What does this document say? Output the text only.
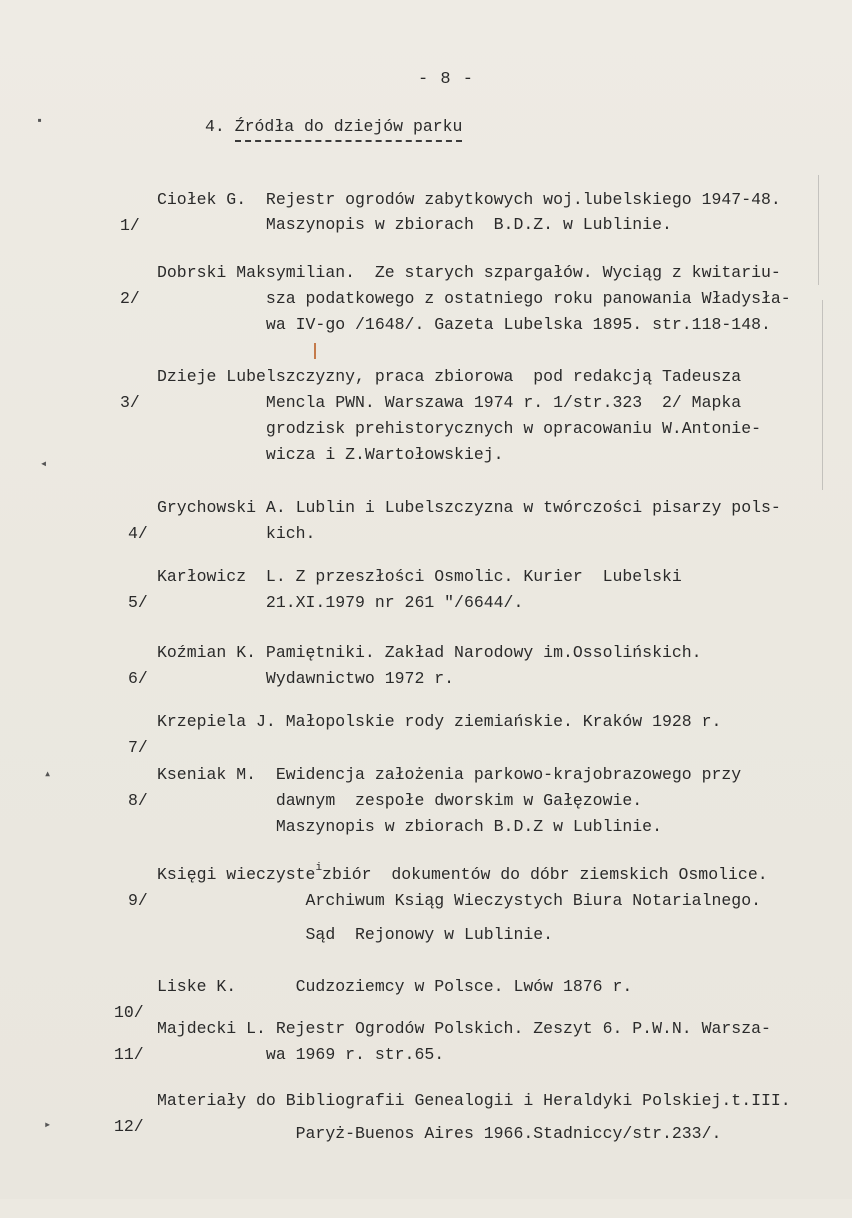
- 8 -
4. Źródła do dziejów parku

1/

Ciołek G.  Rejestr ogrodów zabytkowych woj.lubelskiego 1947-48.

Maszynopis w zbiorach  B.D.Z. w Lublinie.

2/

Dobrski Maksymilian.  Ze starych szpargałów. Wyciąg z kwitariu-

sza podatkowego z ostatniego roku panowania Władysła-

wa IV-go /1648/. Gazeta Lubelska 1895. str.118-148.

3/

Dzieje Lubelszczyzny, praca zbiorowa  pod redakcją Tadeusza

Mencla PWN. Warszawa 1974 r. 1/str.323  2/ Mapka

grodzisk prehistorycznych w opracowaniu W.Antonie-

wicza i Z.Wartołowskiej.

4/

Grychowski A. Lublin i Lubelszczyzna w twórczości pisarzy pols-

kich.

5/

Karłowicz  L. Z przeszłości Osmolic. Kurier  Lubelski

21.XI.1979 nr 261 "/6644/.

6/

Koźmian K. Pamiętniki. Zakład Narodowy im.Ossolińskich.

Wydawnictwo 1972 r.

7/

Krzepiela J. Małopolskie rody ziemiańskie. Kraków 1928 r.

8/

Kseniak M.  Ewidencja założenia parkowo-krajobrazowego przy

dawnym  zespołe dworskim w Gałęzowie.

Maszynopis w zbiorach B.D.Z w Lublinie.

9/

Księgi wieczyste$^i$zbiór  dokumentów do dóbr ziemskich Osmolice.

Archiwum Ksiąg Wieczystych Biura Notarialnego.

Sąd  Rejonowy w Lublinie.

10/

Liske K.      Cudzoziemcy w Polsce. Lwów 1876 r.

11/

Majdecki L. Rejestr Ogrodów Polskich. Zeszyt 6. P.W.N. Warsza-

wa 1969 r. str.65.

12/

Materiały do Bibliografii Genealogii i Heraldyki Polskiej.t.III.

Paryż-Buenos Aires 1966.Stadniccy/str.233/.

▪
◂
▴
▸
